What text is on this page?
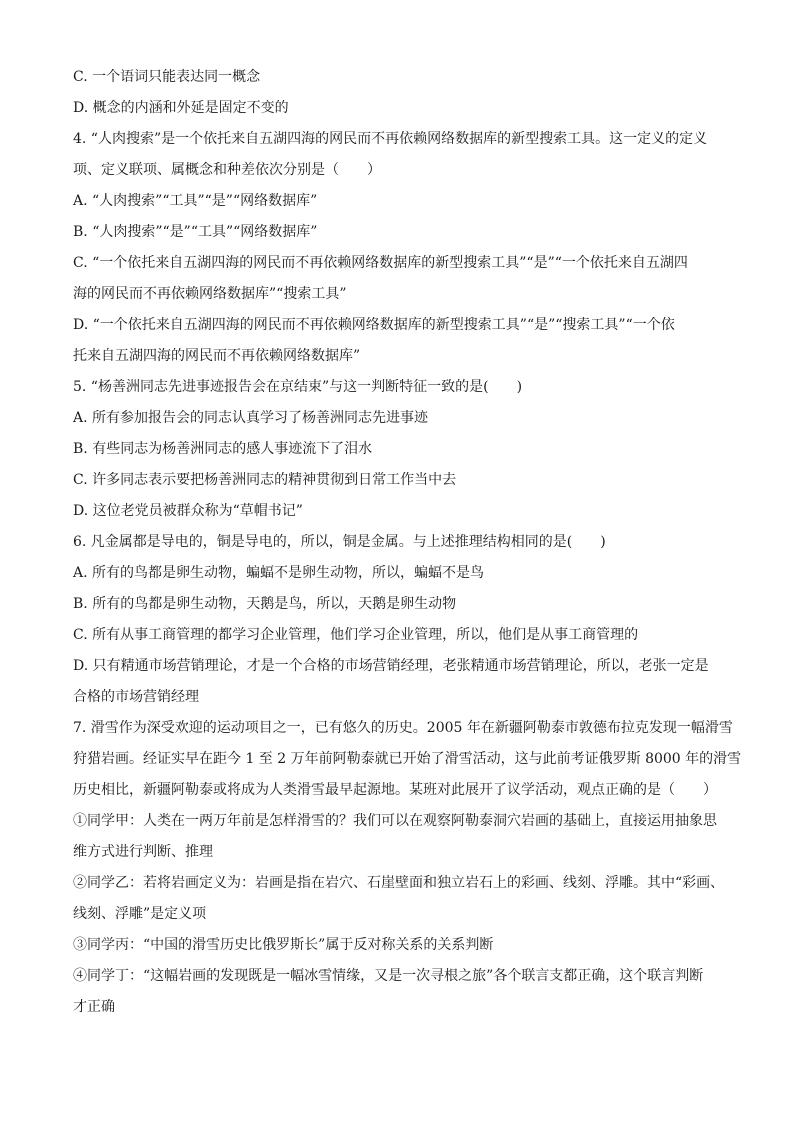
C. 一个语词只能表达同一概念
D. 概念的内涵和外延是固定不变的
4. “人肉搜索”是一个依托来自五湖四海的网民而不再依赖网络数据库的新型搜索工具。这一定义的定义
项、定义联项、属概念和种差依次分别是（　　）
A. “人肉搜索”“工具”“是”“网络数据库”
B. “人肉搜索”“是”“工具”“网络数据库”
C. “一个依托来自五湖四海的网民而不再依赖网络数据库的新型搜索工具”“是”“一个依托来自五湖四
海的网民而不再依赖网络数据库”“搜索工具”
D. “一个依托来自五湖四海的网民而不再依赖网络数据库的新型搜索工具”“是”“搜索工具”“一个依
托来自五湖四海的网民而不再依赖网络数据库”
5. “杨善洲同志先进事迹报告会在京结束”与这一判断特征一致的是(　　)
A. 所有参加报告会的同志认真学习了杨善洲同志先进事迹
B. 有些同志为杨善洲同志的感人事迹流下了泪水
C. 许多同志表示要把杨善洲同志的精神贯彻到日常工作当中去
D. 这位老党员被群众称为“草帽书记”
6. 凡金属都是导电的，铜是导电的，所以，铜是金属。与上述推理结构相同的是(　　)
A. 所有的鸟都是卵生动物，蝙蝠不是卵生动物，所以，蝙蝠不是鸟
B. 所有的鸟都是卵生动物，天鹅是鸟，所以，天鹅是卵生动物
C. 所有从事工商管理的都学习企业管理，他们学习企业管理，所以，他们是从事工商管理的
D. 只有精通市场营销理论，才是一个合格的市场营销经理，老张精通市场营销理论，所以，老张一定是
合格的市场营销经理
7. 滑雪作为深受欢迎的运动项目之一，已有悠久的历史。2005 年在新疆阿勒泰市敦德布拉克发现一幅滑雪
狩猎岩画。经证实早在距今 1 至 2 万年前阿勒泰就已开始了滑雪活动，这与此前考证俄罗斯 8000 年的滑雪
历史相比，新疆阿勒泰或将成为人类滑雪最早起源地。某班对此展开了议学活动，观点正确的是（　　）
①同学甲：人类在一两万年前是怎样滑雪的？我们可以在观察阿勒泰洞穴岩画的基础上，直接运用抽象思
维方式进行判断、推理
②同学乙：若将岩画定义为：岩画是指在岩穴、石崖壁面和独立岩石上的彩画、线刻、浮雕。其中“彩画、
线刻、浮雕”是定义项
③同学丙：“中国的滑雪历史比俄罗斯长”属于反对称关系的关系判断
④同学丁：“这幅岩画的发现既是一幅冰雪情缘，又是一次寻根之旅”各个联言支都正确，这个联言判断
才正确
